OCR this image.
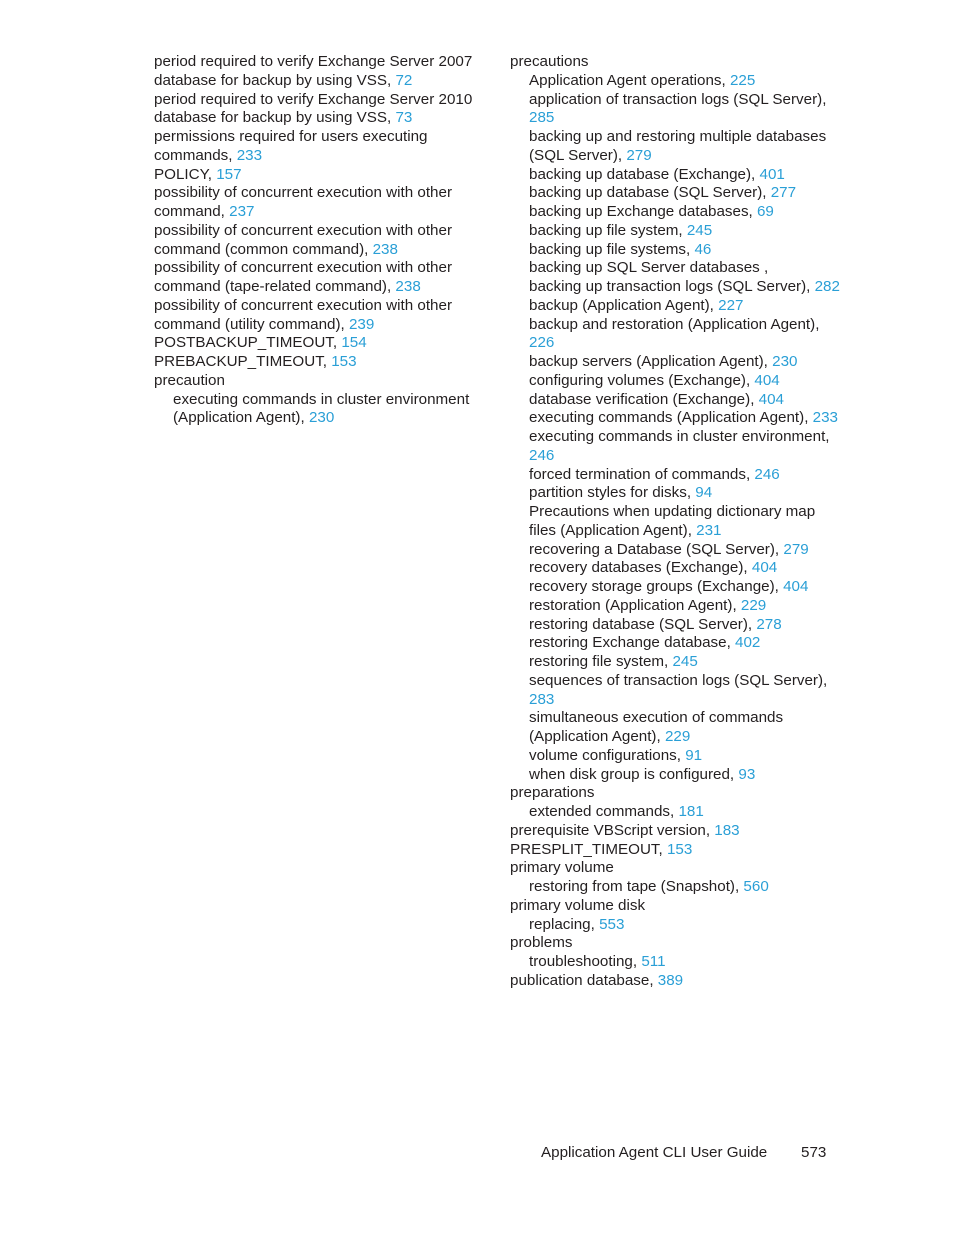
period required to verify Exchange Server 2007 database for backup by using VSS, 72
period required to verify Exchange Server 2010 database for backup by using VSS, 73
permissions required for users executing commands, 233
POLICY, 157
possibility of concurrent execution with other command, 237
possibility of concurrent execution with other command (common command), 238
possibility of concurrent execution with other command (tape-related command), 238
possibility of concurrent execution with other command (utility command), 239
POSTBACKUP_TIMEOUT, 154
PREBACKUP_TIMEOUT, 153
precaution
executing commands in cluster environment (Application Agent), 230
precautions
Application Agent operations, 225
application of transaction logs (SQL Server), 285
backing up and restoring multiple databases (SQL Server), 279
backing up database (Exchange), 401
backing up database (SQL Server), 277
backing up Exchange databases, 69
backing up file system, 245
backing up file systems, 46
backing up SQL Server databases ,
backing up transaction logs (SQL Server), 282
backup (Application Agent), 227
backup and restoration (Application Agent), 226
backup servers (Application Agent), 230
configuring volumes (Exchange), 404
database verification (Exchange), 404
executing commands (Application Agent), 233
executing commands in cluster environment, 246
forced termination of commands, 246
partition styles for disks, 94
Precautions when updating dictionary map files (Application Agent), 231
recovering a Database (SQL Server), 279
recovery databases (Exchange), 404
recovery storage groups (Exchange), 404
restoration (Application Agent), 229
restoring database (SQL Server), 278
restoring Exchange database, 402
restoring file system, 245
sequences of transaction logs (SQL Server), 283
simultaneous execution of commands (Application Agent), 229
volume configurations, 91
when disk group is configured, 93
preparations
extended commands, 181
prerequisite VBScript version, 183
PRESPLIT_TIMEOUT, 153
primary volume
restoring from tape (Snapshot), 560
primary volume disk
replacing, 553
problems
troubleshooting, 511
publication database, 389
Application Agent CLI User Guide 573
